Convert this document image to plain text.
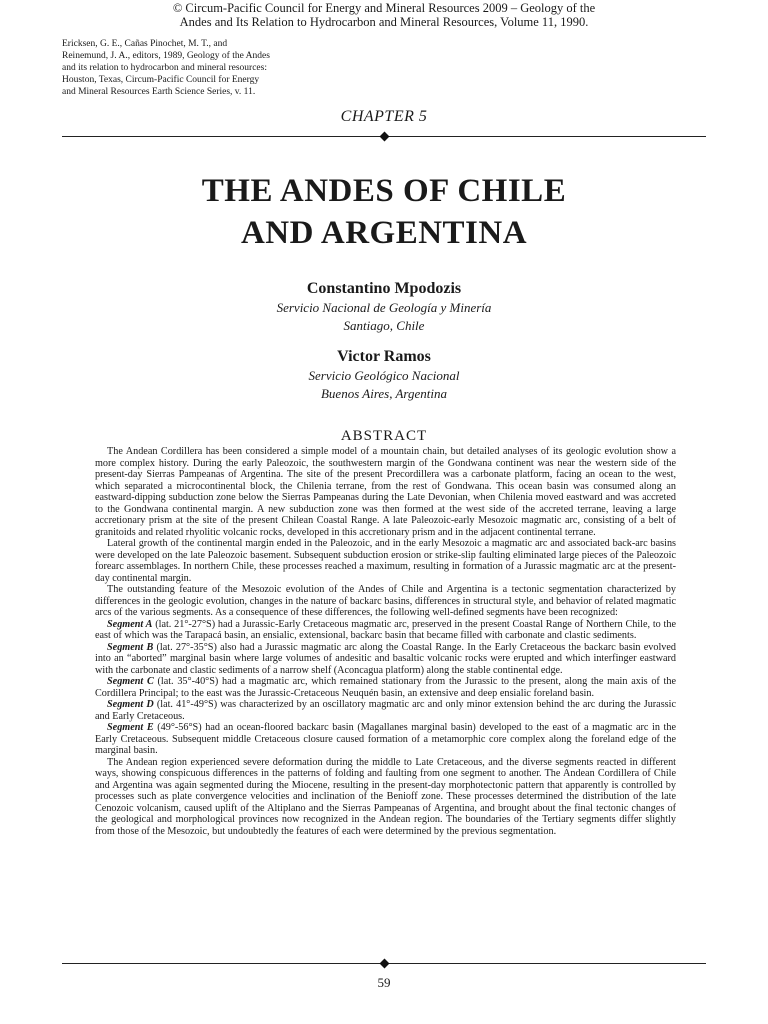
© Circum-Pacific Council for Energy and Mineral Resources 2009 – Geology of the
Andes and Its Relation to Hydrocarbon and Mineral Resources, Volume 11, 1990.
Ericksen, G. E., Cañas Pinochet, M. T., and
Reinemund, J. A., editors, 1989, Geology of the Andes
and its relation to hydrocarbon and mineral resources:
Houston, Texas, Circum-Pacific Council for Energy
and Mineral Resources Earth Science Series, v. 11.
CHAPTER 5
THE ANDES OF CHILE
AND ARGENTINA
Constantino Mpodozis
Servicio Nacional de Geología y Minería
Santiago, Chile
Victor Ramos
Servicio Geológico Nacional
Buenos Aires, Argentina
ABSTRACT

The Andean Cordillera has been considered a simple model of a mountain chain, but detailed analyses of its geologic evolution show a more complex history. During the early Paleozoic, the southwestern margin of the Gondwana continent was near the western side of the present-day Sierras Pampeanas of Argentina. The site of the present Precordillera was a carbonate platform, facing an ocean to the west, which separated a microcontinental block, the Chilenia terrane, from the rest of Gondwana. This ocean basin was consumed along an eastward-dipping subduction zone below the Sierras Pampeanas during the Late Devonian, when Chilenia moved eastward and was accreted to the Gondwana continental margin. A new subduction zone was then formed at the west side of the accreted terrane, leaving a large accretionary prism at the site of the present Chilean Coastal Range. A late Paleozoic-early Mesozoic magmatic arc, consisting of a belt of granitoids and related rhyolitic volcanic rocks, developed in this accretionary prism and in the adjacent continental terrane.

Lateral growth of the continental margin ended in the Paleozoic, and in the early Mesozoic a magmatic arc and associated back-arc basins were developed on the late Paleozoic basement. Subsequent subduction erosion or strike-slip faulting eliminated large pieces of the Paleozoic forearc assemblages. In northern Chile, these processes reached a maximum, resulting in formation of a Jurassic magmatic arc at the present-day continental margin.

The outstanding feature of the Mesozoic evolution of the Andes of Chile and Argentina is a tectonic segmentation characterized by differences in the geologic evolution, changes in the nature of backarc basins, differences in structural style, and behavior of related magmatic arcs of the various segments. As a consequence of these differences, the following well-defined segments have been recognized:

Segment A (lat. 21°-27°S) had a Jurassic-Early Cretaceous magmatic arc, preserved in the present Coastal Range of Northern Chile, to the east of which was the Tarapacá basin, an ensialic, extensional, backarc basin that became filled with carbonate and clastic sediments.

Segment B (lat. 27°-35°S) also had a Jurassic magmatic arc along the Coastal Range. In the Early Cretaceous the backarc basin evolved into an “aborted” marginal basin where large volumes of andesitic and basaltic volcanic rocks were erupted and which interfinger eastward with the carbonate and clastic sediments of a narrow shelf (Aconcagua platform) along the stable continental edge.

Segment C (lat. 35°-40°S) had a magmatic arc, which remained stationary from the Jurassic to the present, along the main axis of the Cordillera Principal; to the east was the Jurassic-Cretaceous Neuquén basin, an extensive and deep ensialic foreland basin.

Segment D (lat. 41°-49°S) was characterized by an oscillatory magmatic arc and only minor extension behind the arc during the Jurassic and Early Cretaceous.

Segment E (49°-56°S) had an ocean-floored backarc basin (Magallanes marginal basin) developed to the east of a magmatic arc in the Early Cretaceous. Subsequent middle Cretaceous closure caused formation of a metamorphic core complex along the foreland edge of the marginal basin.

The Andean region experienced severe deformation during the middle to Late Cretaceous, and the diverse segments reacted in different ways, showing conspicuous differences in the patterns of folding and faulting from one segment to another. The Andean Cordillera of Chile and Argentina was again segmented during the Miocene, resulting in the present-day morphotectonic pattern that apparently is controlled by processes such as plate convergence velocities and inclination of the Benioff zone. These processes determined the distribution of the late Cenozoic volcanism, caused uplift of the Altiplano and the Sierras Pampeanas of Argentina, and brought about the final tectonic changes of the geological and morphological provinces now recognized in the Andean region. The boundaries of the Tertiary segments differ slightly from those of the Mesozoic, but undoubtedly the features of each were determined by the previous segmentation.

59
